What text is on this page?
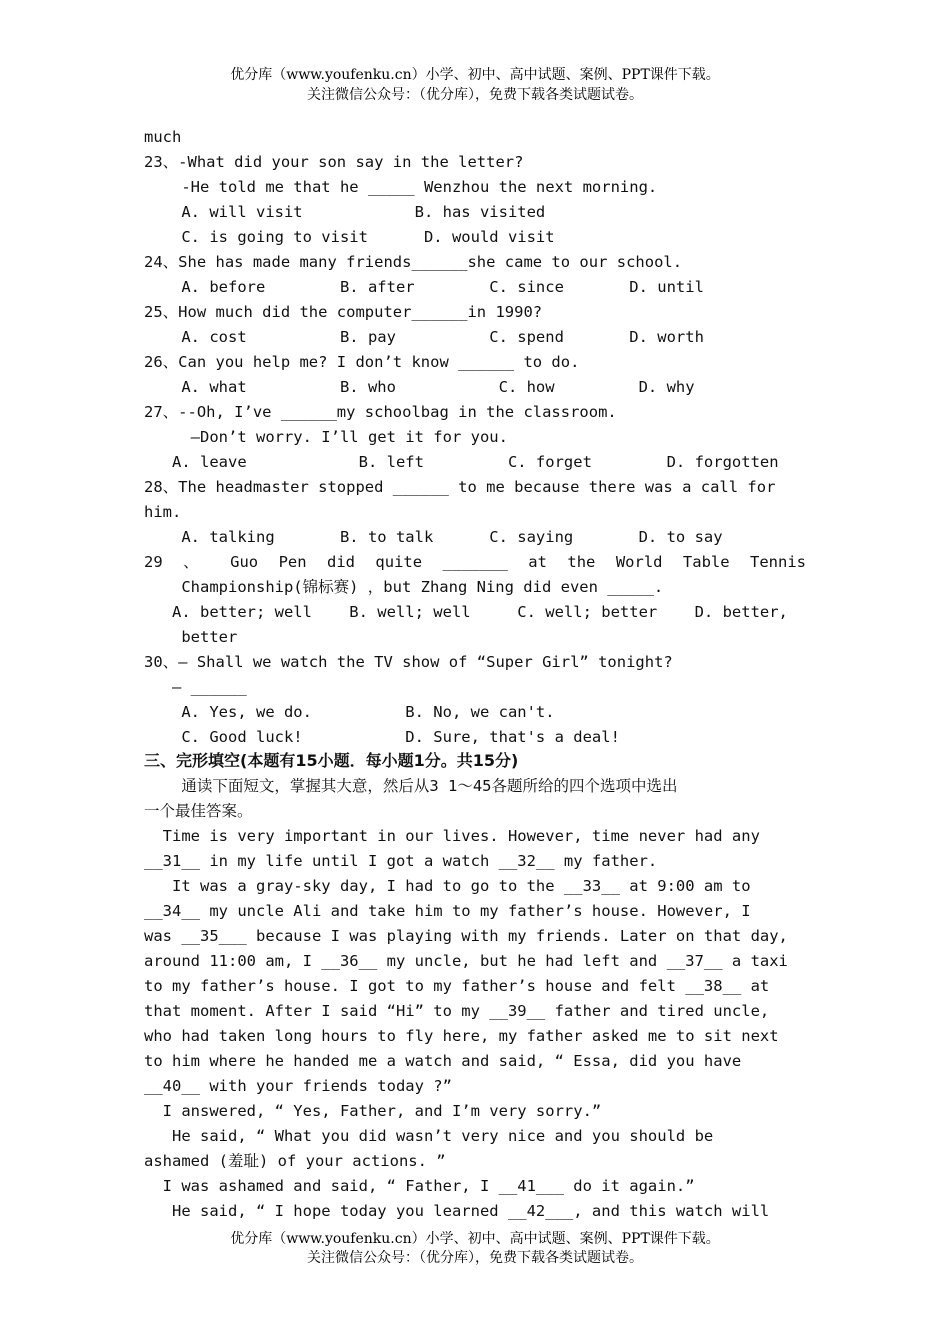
优分库（www.youfenku.cn）小学、初中、高中试题、案例、PPT课件下载。
关注微信公众号：（优分库），免费下载各类试题试卷。
much
23、-What did your son say in the letter?
-He told me that he _____ Wenzhou the next morning.
A. will visit            B. has visited
C. is going to visit      D. would visit
24、She has made many friends______she came to our school.
A. before        B. after        C. since       D. until
25、How much did the computer______in 1990?
A. cost          B. pay          C. spend       D. worth
26、Can you help me? I don’t know ______ to do.
A. what          B. who           C. how         D. why
27、--Oh, I’ve ______my schoolbag in the classroom.
–Don’t worry. I’ll get it for you.
A. leave            B. left         C. forget        D. forgotten
28、The headmaster stopped ______ to me because there was a call for
him.
A. talking       B. to talk      C. saying       D. to say
29 、 Guo Pen did quite _______ at the World Table Tennis
Championship(锦标赛) ，but Zhang Ning did even _____.
A. better; well    B. well; well     C. well; better    D. better,
better
30、— Shall we watch the TV show of “Super Girl” tonight?
— ______
A. Yes, we do.          B. No, we can't.
C. Good luck!           D. Sure, that's a deal!
三、完形填空(本题有15小题．每小题1分。共15分)
通读下面短文，掌握其大意，然后从3 1～45各题所给的四个选项中选出
一个最佳答案。
Time is very important in our lives. However, time never had any
__31__ in my life until I got a watch __32__ my father.
It was a gray-sky day, I had to go to the __33__ at 9:00 am to
__34__ my uncle Ali and take him to my father’s house. However, I
was __35___ because I was playing with my friends. Later on that day,
around 11:00 am, I __36__ my uncle, but he had left and __37__ a taxi
to my father’s house. I got to my father’s house and felt __38__ at
that moment. After I said “Hi” to my __39__ father and tired uncle,
who had taken long hours to fly here, my father asked me to sit next
to him where he handed me a watch and said, “ Essa, did you have
__40__ with your friends today ?”
I answered, “ Yes, Father, and I’m very sorry.”
He said, “ What you did wasn’t very nice and you should be
ashamed (羞耻) of your actions. ”
I was ashamed and said, “ Father, I __41___ do it again.”
He said, “ I hope today you learned __42___, and this watch will
优分库（www.youfenku.cn）小学、初中、高中试题、案例、PPT课件下载。
关注微信公众号：（优分库），免费下载各类试题试卷。
